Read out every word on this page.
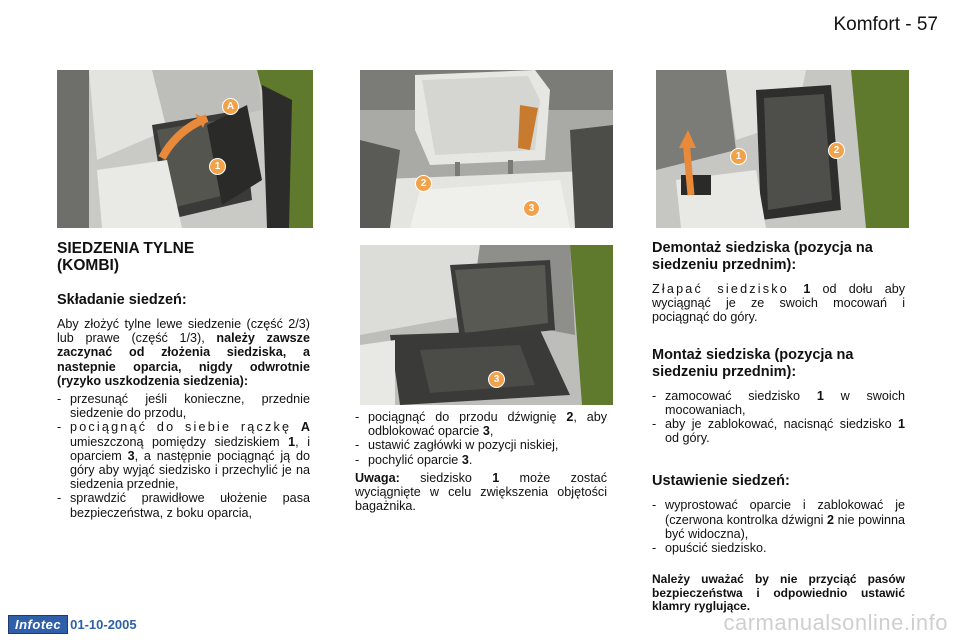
Komfort - 57
A
1
2
3
3
1
2
SIEDZENIA TYLNE
(KOMBI)
Składanie siedzeń:

Aby złożyć tylne lewe siedzenie (część 2/3) lub prawe (część 1/3), należy zawsze zaczynać od złożenia siedziska, a nastepnie oparcia, nigdy odwrotnie (ryzyko uszkodzenia siedzenia):

- przesunąć jeśli konieczne, przednie siedzenie do przodu,
- pociągnąć do siebie rączkę A umieszczoną pomiędzy siedziskiem 1, i oparciem 3, a następnie pociągnąć ją do góry aby wyjąć siedzisko i przechylić je na siedzenia przednie,
- sprawdzić prawidłowe ułożenie pasa bezpieczeństwa, z boku oparcia,
- pociągnąć do przodu dźwignię 2, aby odblokować oparcie 3,
- ustawić zagłówki w pozycji niskiej,
- pochylić oparcie 3.

Uwaga: siedzisko 1 może zostać wyciągnięte w celu zwiększenia objętości bagażnika.

Demontaż siedziska (pozycja na siedzeniu przednim):

Złapać siedzisko 1 od dołu aby wyciągnąć je ze swoich mocowań i pociągnąć do góry.

Montaż siedziska (pozycja na siedzeniu przednim):
- zamocować siedzisko 1 w swoich mocowaniach,
- aby je zablokować, nacisnąć siedzisko 1 od góry.
Ustawienie siedzeń:
- wyprostować oparcie i zablokować je (czerwona kontrolka dźwigni 2 nie powinna być widoczna),
- opuścić siedzisko.

Należy uważać by nie przyciąć pasów bezpieczeństwa i odpowiednio ustawić klamry ryglujące.

Infotec 01-10-2005	carmanualsonline.info
